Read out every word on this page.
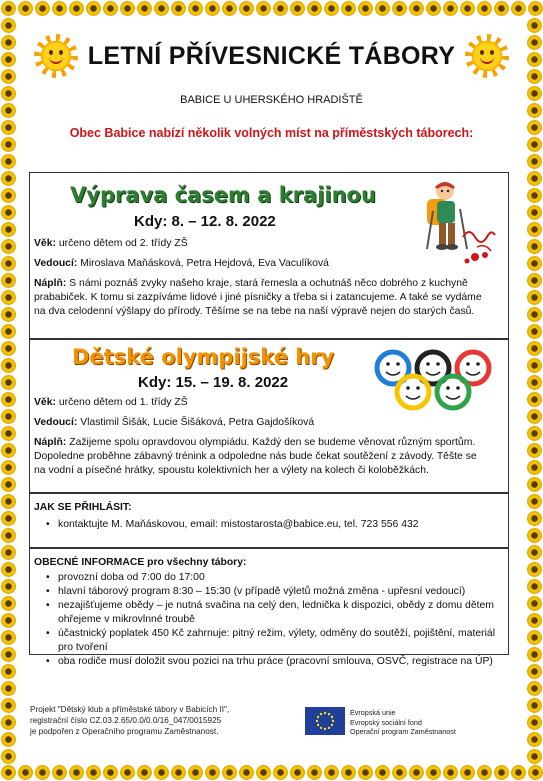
LETNÍ PŘÍVESNICKÉ TÁBORY
BABICE U UHERSKÉHO HRADIŠTĚ
Obec Babice nabízí několik volných míst na příměstských táborech:
Výprava časem a krajinou
Kdy: 8. – 12. 8. 2022
Věk: určeno dětem od 2. třídy ZŠ
Vedoucí: Miroslava Maňásková, Petra Hejdová, Eva Vaculíková
Náplň: S námi poznáš zvyky našeho kraje, stará řemesla a ochutnáš něco dobrého z kuchyně
prababiček. K tomu si zazpíváme lidové i jiné písničky a třeba si i zatancujeme. A také se vydáme
na dva celodenní výšlapy do přírody. Těšíme se na tebe na naší výpravě nejen do starých časů.
Dětské olympijské hry
Kdy: 15. – 19. 8. 2022
Věk: určeno dětem od 1. třídy ZŠ
Vedoucí: Vlastimil Šišák, Lucie Šišáková, Petra Gajdošíková
Náplň: Zažijeme spolu opravdovou olympiádu. Každý den se budeme věnovat různým sportům.
Dopoledne proběhne zábavný trénink a odpoledne nás bude čekat soutěžení z závody. Těšte se
na vodní a písečné hrátky, spoustu kolektivních her a výlety na kolech či koloběžkách.
JAK SE PŘIHLÁSIT:
• kontaktujte M. Maňáskovou, email: mistostarosta@babice.eu, tel. 723 556 432
OBECNÉ INFORMACE pro všechny tábory:
• provozní doba od 7:00 do 17:00
• hlavní táborový program 8:30 – 15:30 (v případě výletů možná změna - upřesní vedoucí)
• nezajišťujeme obědy – je nutná svačina na celý den, lednička k dispozici, obědy z domu dětem ohřejeme v mikrovlnné troubě
• účastnický poplatek 450 Kč zahrnuje: pitný režim, výlety, odměny do soutěží, pojištění, materiál pro tvoření
• oba rodiče musí doložit svou pozici na trhu práce (pracovní smlouva, OSVČ, registrace na ÚP)
Projekt "Dětský klub a příměstské tábory v Babicích II",
registrační číslo CZ.03.2.65/0.0/0.0/16_047/0015925
je podpořen z Operačního programu Zaměstnanost.
Evropská unie
Evropský sociální fond
Operační program Zaměstnanost
